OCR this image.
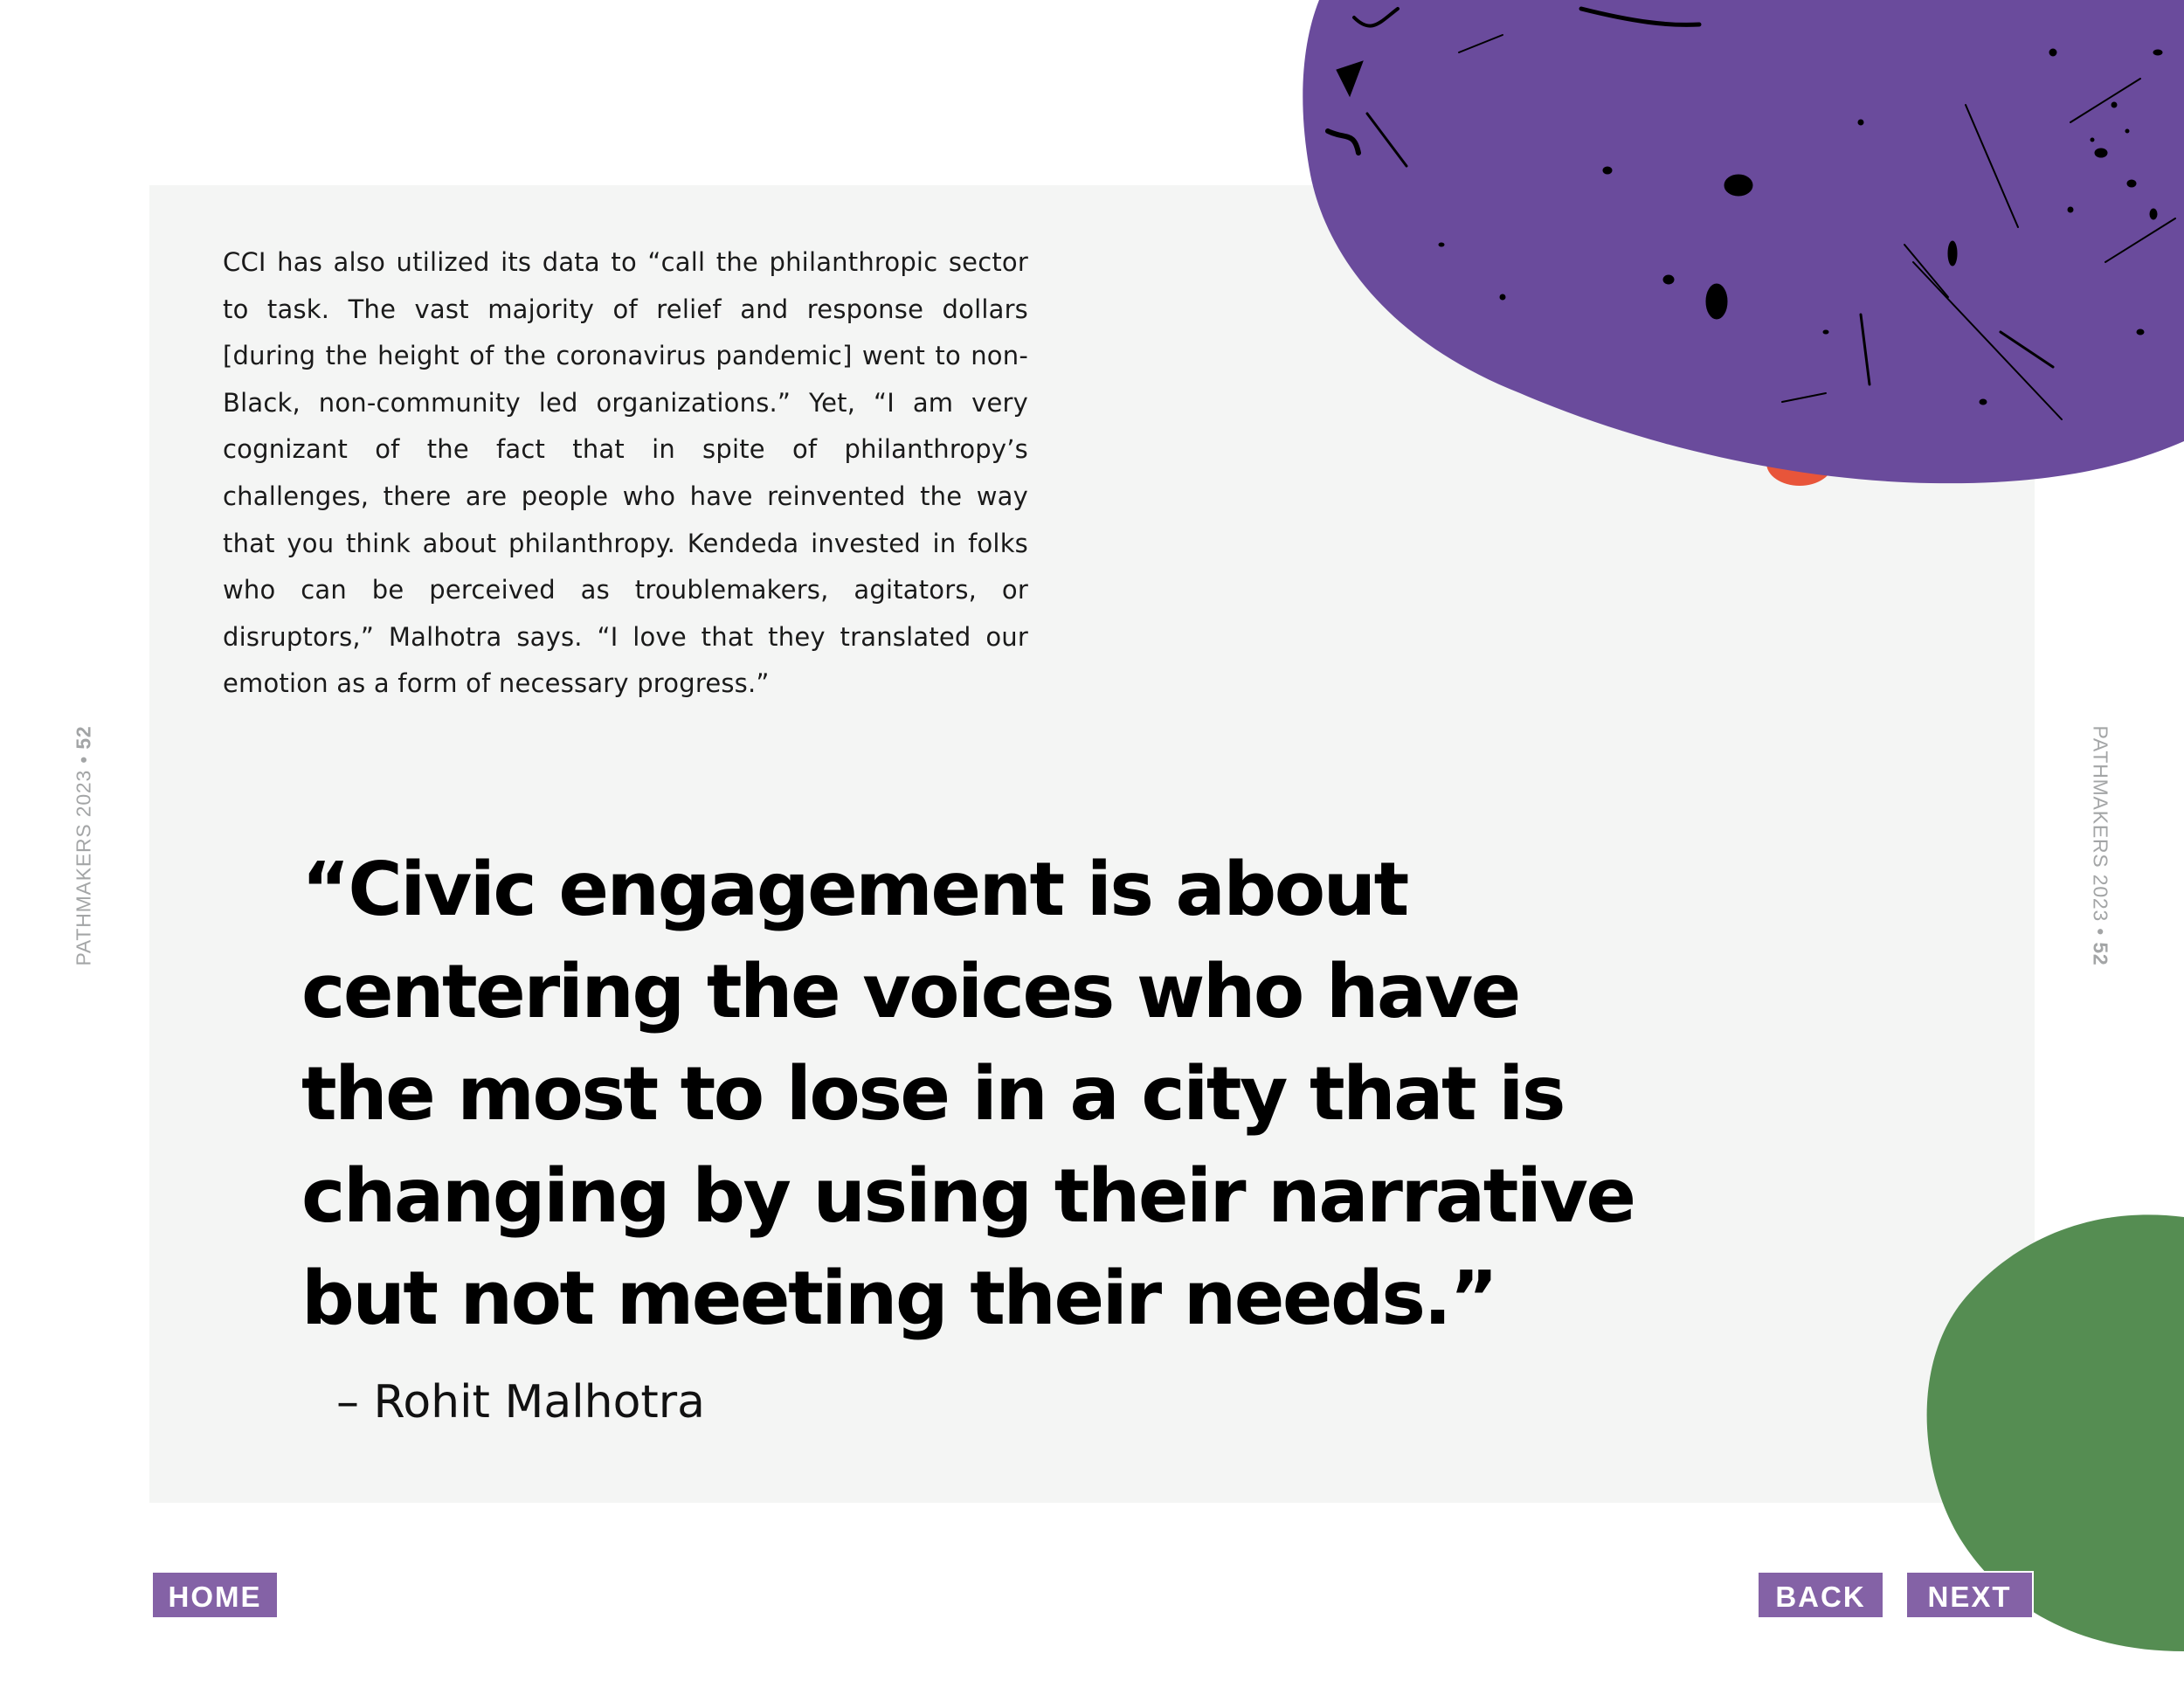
PATHMAKERS 2023 • 52	PATHMAKERS 2023 • 52

CCI has also utilized its data to “call the philanthropic sector to task. The vast majority of relief and response dollars [during the height of the coronavirus pandemic] went to non-Black, non-community led organizations.” Yet, “I am very cognizant of the fact that in spite of philanthropy’s challenges, there are people who have reinvented the way that you think about philanthropy. Kendeda invested in folks who can be perceived as troublemakers, agitators, or disruptors,” Malhotra says. “I love that they translated our emotion as a form of necessary progress.”

“Civic engagement is about
centering the voices who have
the most to lose in a city that is
changing by using their narrative
but not meeting their needs.”

– Rohit Malhotra

HOME	BACK	NEXT
